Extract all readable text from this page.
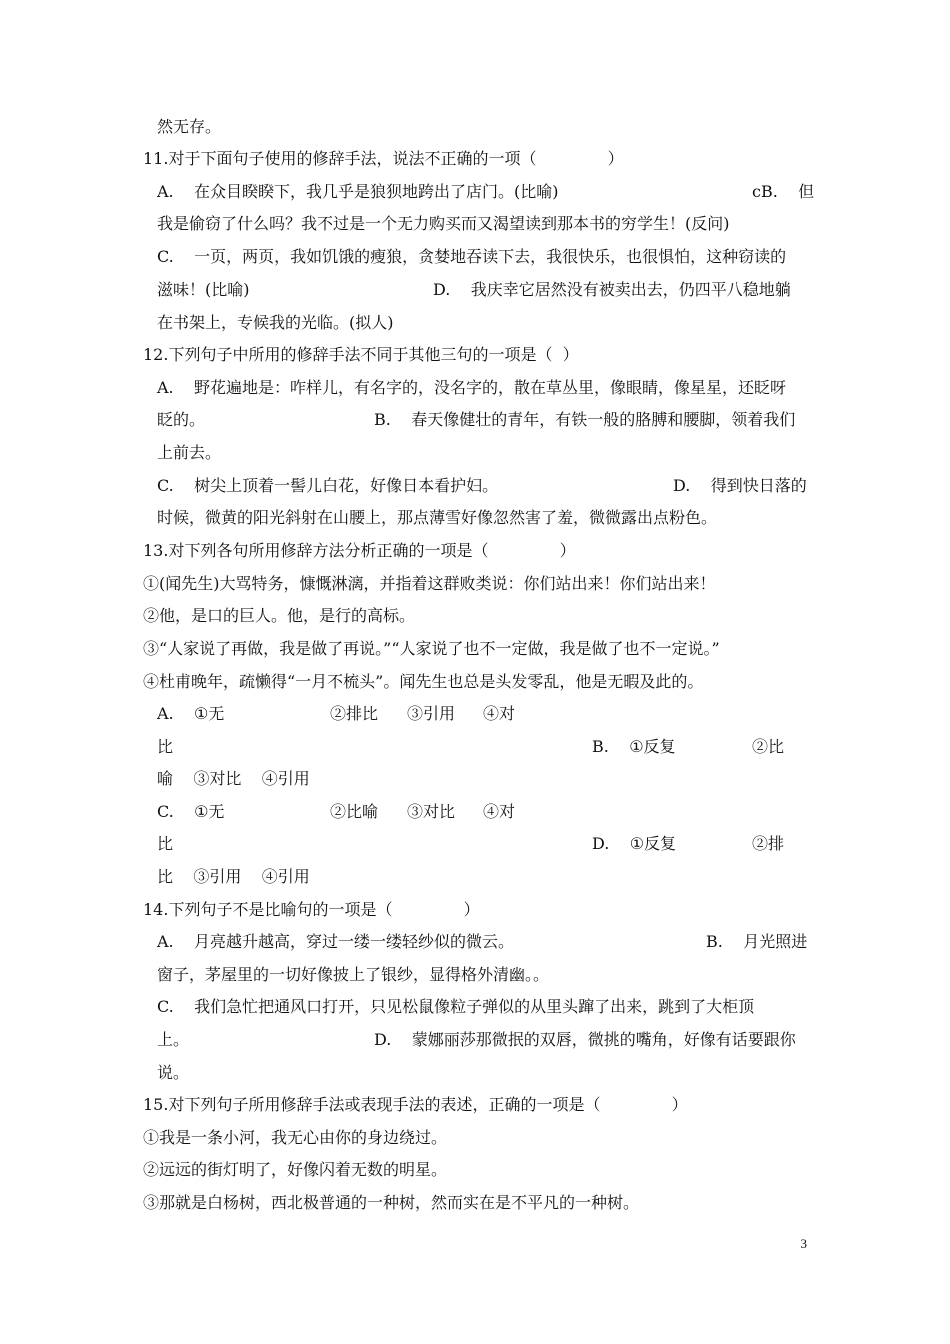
然无存。
11.对于下面句子使用的修辞手法，说法不正确的一项（              ）
A.    在众目睽睽下，我几乎是狼狈地跨出了店门。(比喻)	cB.    但
我是偷窃了什么吗？我不过是一个无力购买而又渴望读到那本书的穷学生！(反问)
C.    一页，两页，我如饥饿的瘦狼，贪婪地吞读下去，我很快乐，也很惧怕，这种窃读的
滋味！(比喻)	D.    我庆幸它居然没有被卖出去，仍四平八稳地躺
在书架上，专候我的光临。(拟人)
12.下列句子中所用的修辞手法不同于其他三句的一项是（  ）
A.    野花遍地是：咋样儿，有名字的，没名字的，散在草丛里，像眼睛，像星星，还眨呀
眨的。	B.    春天像健壮的青年，有铁一般的胳膊和腰脚，领着我们
上前去。
C.    树尖上顶着一髻儿白花，好像日本看护妇。	D.    得到快日落的
时候，微黄的阳光斜射在山腰上，那点薄雪好像忽然害了羞，微微露出点粉色。
13.对下列各句所用修辞方法分析正确的一项是（              ）
①(闻先生)大骂特务，慷慨淋漓，并指着这群败类说：你们站出来！你们站出来！
②他，是口的巨人。他，是行的高标。
③“人家说了再做，我是做了再说。”“人家说了也不一定做，我是做了也不一定说。”
④杜甫晚年，疏懒得“一月不梳头”。闻先生也总是头发零乱，他是无暇及此的。
A.    ①无	②排比 ③引用 ④对
比	B.    ①反复	②比
喻    ③对比    ④引用
C.    ①无	②比喻 ③对比 ④对
比	D.    ①反复	②排
比    ③引用    ④引用
14.下列句子不是比喻句的一项是（              ）
A.    月亮越升越高，穿过一缕一缕轻纱似的微云。	B.    月光照进
窗子，茅屋里的一切好像披上了银纱，显得格外清幽。。
C.    我们急忙把通风口打开，只见松鼠像粒子弹似的从里头蹿了出来，跳到了大柜顶
上。	D.    蒙娜丽莎那微抿的双唇，微挑的嘴角，好像有话要跟你
说。
15.对下列句子所用修辞手法或表现手法的表述，正确的一项是（              ）
①我是一条小河，我无心由你的身边绕过。
②远远的街灯明了，好像闪着无数的明星。
③那就是白杨树，西北极普通的一种树，然而实在是不平凡的一种树。
3
